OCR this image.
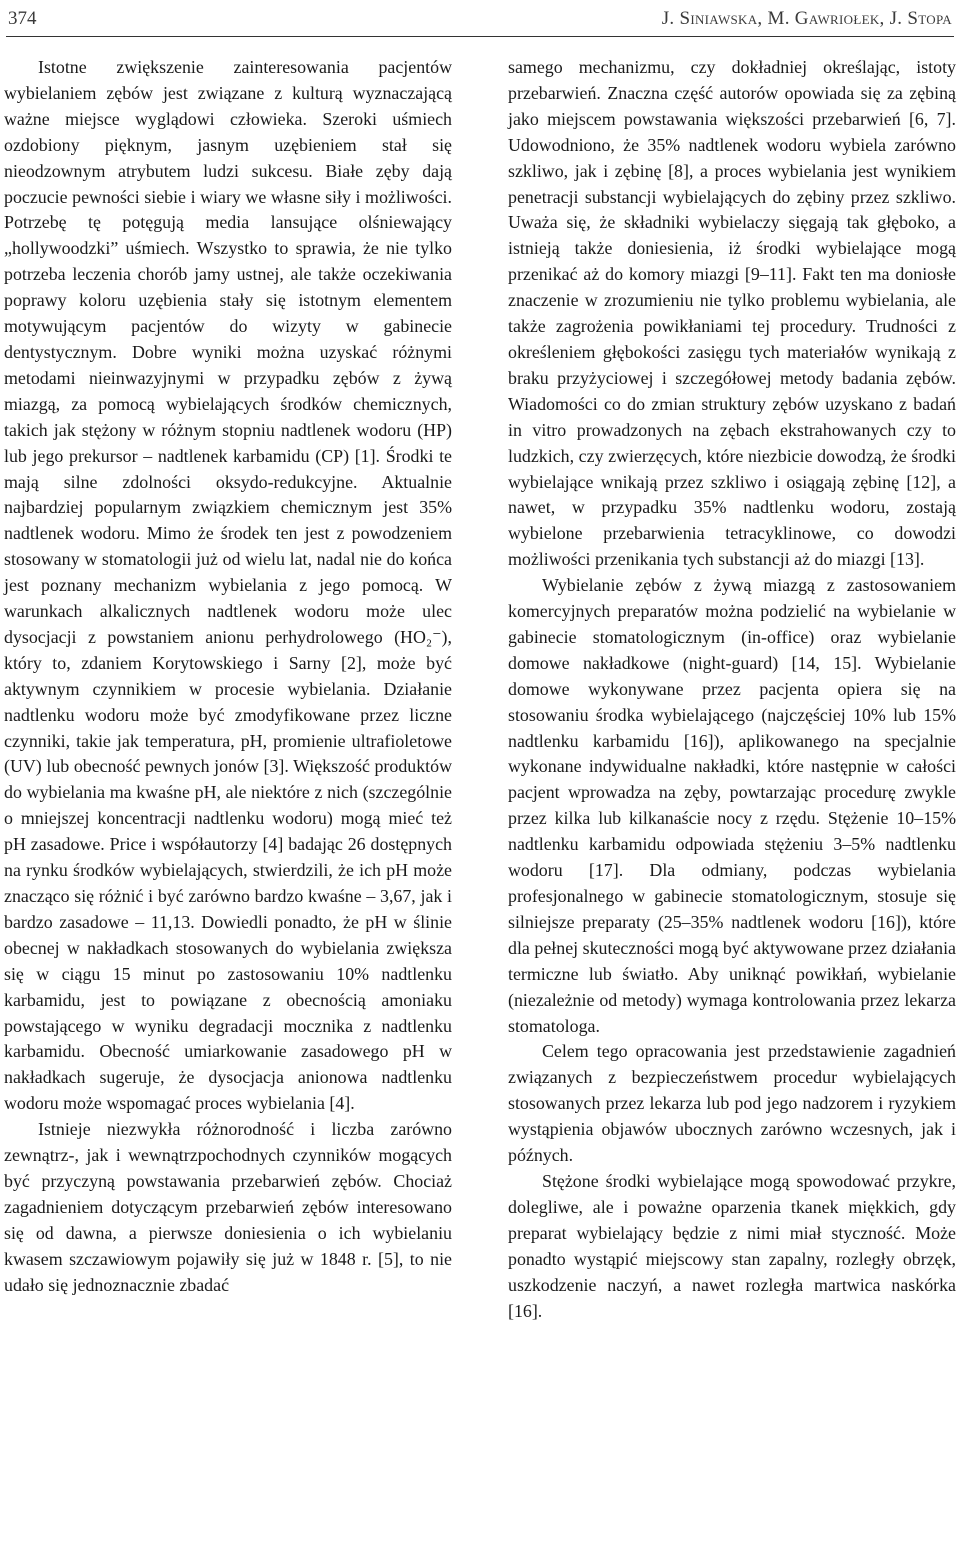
374	J. Siniawska, M. Gawriołek, J. Stopa

Istotne zwiększenie zainteresowania pacjentów wybielaniem zębów jest związane z kulturą wyznaczającą ważne miejsce wyglądowi człowieka. Szeroki uśmiech ozdobiony pięknym, jasnym uzębieniem stał się nieodzownym atrybutem ludzi sukcesu. Białe zęby dają poczucie pewności siebie i wiary we własne siły i możliwości. Potrzebę tę potęgują media lansujące olśniewający „hollywoodzki” uśmiech. Wszystko to sprawia, że nie tylko potrzeba leczenia chorób jamy ustnej, ale także oczekiwania poprawy koloru uzębienia stały się istotnym elementem motywującym pacjentów do wizyty w gabinecie dentystycznym. Dobre wyniki można uzyskać różnymi metodami nieinwazyjnymi w przypadku zębów z żywą miazgą, za pomocą wybielających środków chemicznych, takich jak stężony w różnym stopniu nadtlenek wodoru (HP) lub jego prekursor – nadtlenek karbamidu (CP) [1]. Środki te mają silne zdolności oksydo-redukcyjne. Aktualnie najbardziej popularnym związkiem chemicznym jest 35% nadtlenek wodoru. Mimo że środek ten jest z powodzeniem stosowany w stomatologii już od wielu lat, nadal nie do końca jest poznany mechanizm wybielania z jego pomocą. W warunkach alkalicznych nadtlenek wodoru może ulec dysocjacji z powstaniem anionu perhydrolowego (HO₂⁻), który to, zdaniem Korytowskiego i Sarny [2], może być aktywnym czynnikiem w procesie wybielania. Działanie nadtlenku wodoru może być zmodyfikowane przez liczne czynniki, takie jak temperatura, pH, promienie ultrafioletowe (UV) lub obecność pewnych jonów [3]. Większość produktów do wybielania ma kwaśne pH, ale niektóre z nich (szczególnie o mniejszej koncentracji nadtlenku wodoru) mogą mieć też pH zasadowe. Price i współautorzy [4] badając 26 dostępnych na rynku środków wybielających, stwierdzili, że ich pH może znacząco się różnić i być zarówno bardzo kwaśne – 3,67, jak i bardzo zasadowe – 11,13. Dowiedli ponadto, że pH w ślinie obecnej w nakładkach stosowanych do wybielania zwiększa się w ciągu 15 minut po zastosowaniu 10% nadtlenku karbamidu, jest to powiązane z obecnością amoniaku powstającego w wyniku degradacji mocznika z nadtlenku karbamidu. Obecność umiarkowanie zasadowego pH w nakładkach sugeruje, że dysocjacja anionowa nadtlenku wodoru może wspomagać proces wybielania [4].

Istnieje niezwykła różnorodność i liczba zarówno zewnątrz-, jak i wewnątrzpochodnych czynników mogących być przyczyną powstawania przebarwień zębów. Chociaż zagadnieniem dotyczącym przebarwień zębów interesowano się od dawna, a pierwsze doniesienia o ich wybielaniu kwasem szczawiowym pojawiły się już w 1848 r. [5], to nie udało się jednoznacznie zbadać

samego mechanizmu, czy dokładniej określając, istoty przebarwień. Znaczna część autorów opowiada się za zębiną jako miejscem powstawania większości przebarwień [6, 7]. Udowodniono, że 35% nadtlenek wodoru wybiela zarówno szkliwo, jak i zębinę [8], a proces wybielania jest wynikiem penetracji substancji wybielających do zębiny przez szkliwo. Uważa się, że składniki wybielaczy sięgają tak głęboko, a istnieją także doniesienia, iż środki wybielające mogą przenikać aż do komory miazgi [9–11]. Fakt ten ma doniosłe znaczenie w zrozumieniu nie tylko problemu wybielania, ale także zagrożenia powikłaniami tej procedury. Trudności z określeniem głębokości zasięgu tych materiałów wynikają z braku przyżyciowej i szczegółowej metody badania zębów. Wiadomości co do zmian struktury zębów uzyskano z badań in vitro prowadzonych na zębach ekstrahowanych czy to ludzkich, czy zwierzęcych, które niezbicie dowodzą, że środki wybielające wnikają przez szkliwo i osiągają zębinę [12], a nawet, w przypadku 35% nadtlenku wodoru, zostają wybielone przebarwienia tetracyklinowe, co dowodzi możliwości przenikania tych substancji aż do miazgi [13].

Wybielanie zębów z żywą miazgą z zastosowaniem komercyjnych preparatów można podzielić na wybielanie w gabinecie stomatologicznym (in-office) oraz wybielanie domowe nakładkowe (night-guard) [14, 15]. Wybielanie domowe wykonywane przez pacjenta opiera się na stosowaniu środka wybielającego (najczęściej 10% lub 15% nadtlenku karbamidu [16]), aplikowanego na specjalnie wykonane indywidualne nakładki, które następnie w całości pacjent wprowadza na zęby, powtarzając procedurę zwykle przez kilka lub kilkanaście nocy z rzędu. Stężenie 10–15% nadtlenku karbamidu odpowiada stężeniu 3–5% nadtlenku wodoru [17]. Dla odmiany, podczas wybielania profesjonalnego w gabinecie stomatologicznym, stosuje się silniejsze preparaty (25–35% nadtlenek wodoru [16]), które dla pełnej skuteczności mogą być aktywowane przez działania termiczne lub światło. Aby uniknąć powikłań, wybielanie (niezależnie od metody) wymaga kontrolowania przez lekarza stomatologa.

Celem tego opracowania jest przedstawienie zagadnień związanych z bezpieczeństwem procedur wybielających stosowanych przez lekarza lub pod jego nadzorem i ryzykiem wystąpienia objawów ubocznych zarówno wczesnych, jak i późnych.

Stężone środki wybielające mogą spowodować przykre, dolegliwe, ale i poważne oparzenia tkanek miękkich, gdy preparat wybielający będzie z nimi miał styczność. Może ponadto wystąpić miejscowy stan zapalny, rozległy obrzęk, uszkodzenie naczyń, a nawet rozległa martwica naskórka [16].
